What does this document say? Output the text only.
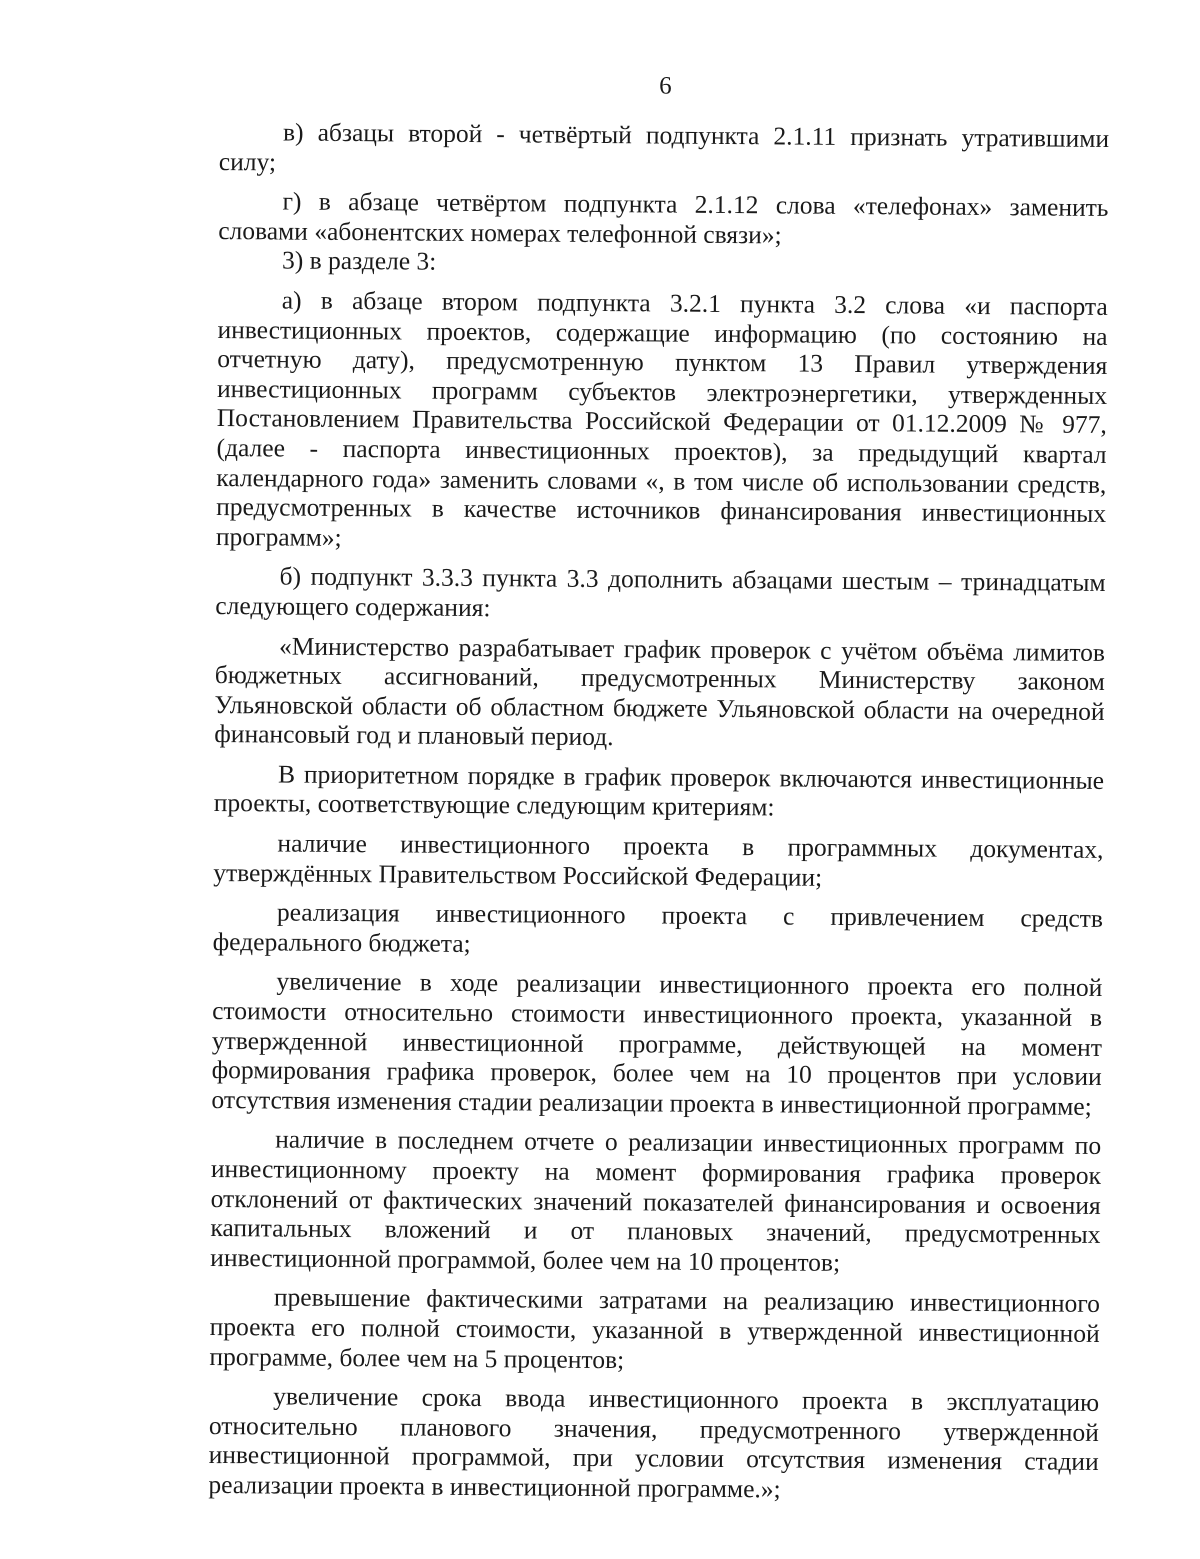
6

в) абзацы второй - четвёртый подпункта 2.1.11 признать утратившими силу;

г) в абзаце четвёртом подпункта 2.1.12 слова «телефонах» заменить словами «абонентских номерах телефонной связи»;

3) в разделе 3:

а) в абзаце втором подпункта 3.2.1 пункта 3.2 слова «и паспорта инвестиционных проектов, содержащие информацию (по состоянию на отчетную дату), предусмотренную пунктом 13 Правил утверждения инвестиционных программ субъектов электроэнергетики, утвержденных Постановлением Правительства Российской Федерации от 01.12.2009 № 977, (далее - паспорта инвестиционных проектов), за предыдущий квартал календарного года» заменить словами «, в том числе об использовании средств, предусмотренных в качестве источников финансирования инвестиционных программ»;

б) подпункт 3.3.3 пункта 3.3 дополнить абзацами шестым – тринадцатым следующего содержания:

«Министерство разрабатывает график проверок с учётом объёма лимитов бюджетных ассигнований, предусмотренных Министерству законом Ульяновской области об областном бюджете Ульяновской области на очередной финансовый год и плановый период.

В приоритетном порядке в график проверок включаются инвестиционные проекты, соответствующие следующим критериям:

наличие инвестиционного проекта в программных документах, утверждённых Правительством Российской Федерации;

реализация инвестиционного проекта с привлечением средств федерального бюджета;

увеличение в ходе реализации инвестиционного проекта его полной стоимости относительно стоимости инвестиционного проекта, указанной в утвержденной инвестиционной программе, действующей на момент формирования графика проверок, более чем на 10 процентов при условии отсутствия изменения стадии реализации проекта в инвестиционной программе;

наличие в последнем отчете о реализации инвестиционных программ по инвестиционному проекту на момент формирования графика проверок отклонений от фактических значений показателей финансирования и освоения капитальных вложений и от плановых значений, предусмотренных инвестиционной программой, более чем на 10 процентов;

превышение фактическими затратами на реализацию инвестиционного проекта его полной стоимости, указанной в утвержденной инвестиционной программе, более чем на 5 процентов;

увеличение срока ввода инвестиционного проекта в эксплуатацию относительно планового значения, предусмотренного утвержденной инвестиционной программой, при условии отсутствия изменения стадии реализации проекта в инвестиционной программе.»;
